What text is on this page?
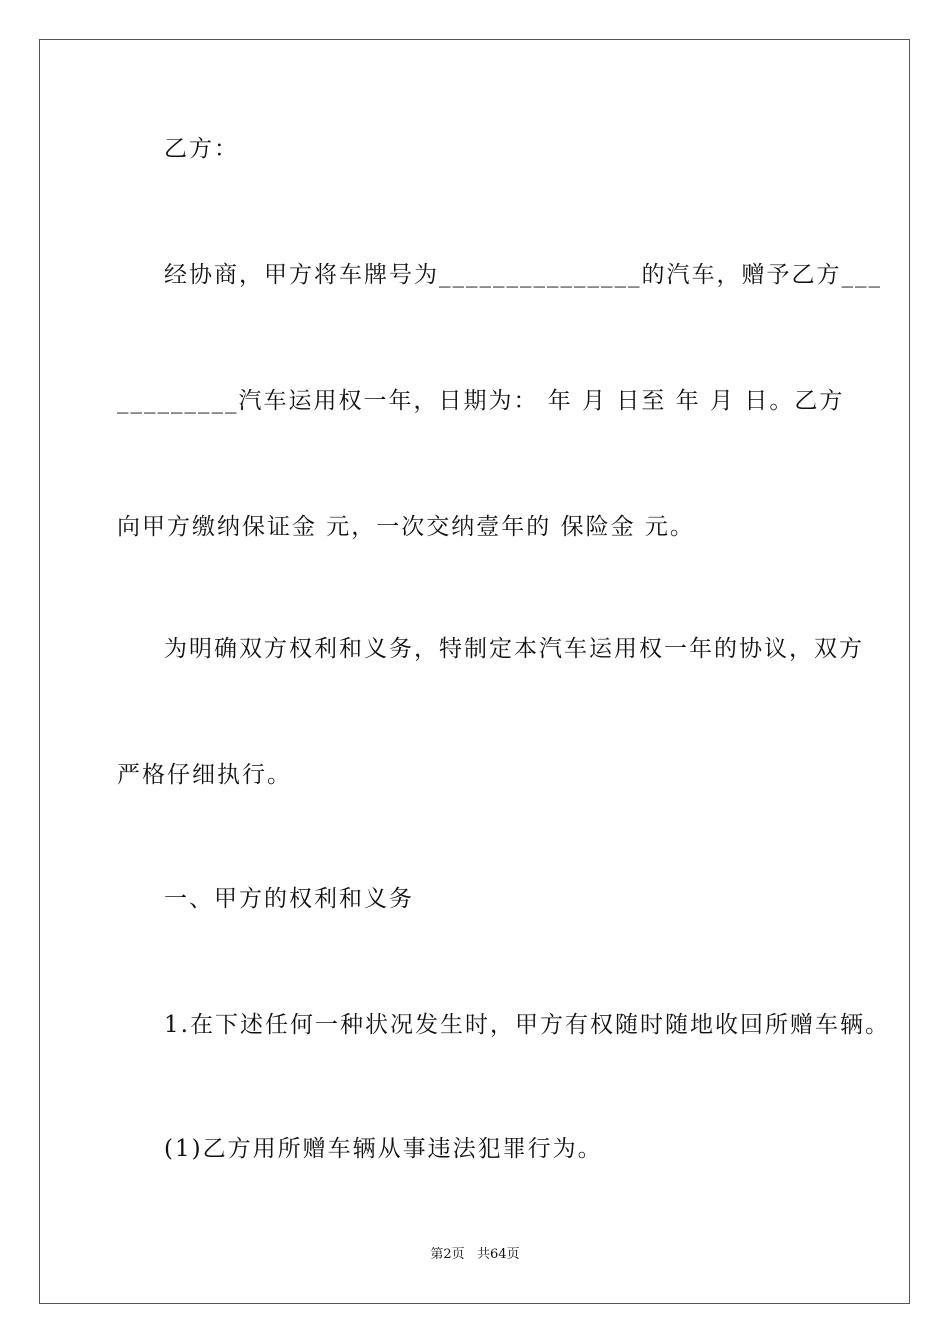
乙方：
经协商，甲方将车牌号为_______________的汽车，赠予乙方___
_________汽车运用权一年，日期为： 年 月 日至 年 月 日。乙方
向甲方缴纳保证金 元，一次交纳壹年的 保险金 元。
为明确双方权利和义务，特制定本汽车运用权一年的协议，双方
严格仔细执行。
一、甲方的权利和义务
1.在下述任何一种状况发生时，甲方有权随时随地收回所赠车辆。
(1)乙方用所赠车辆从事违法犯罪行为。
第2页   共64页
